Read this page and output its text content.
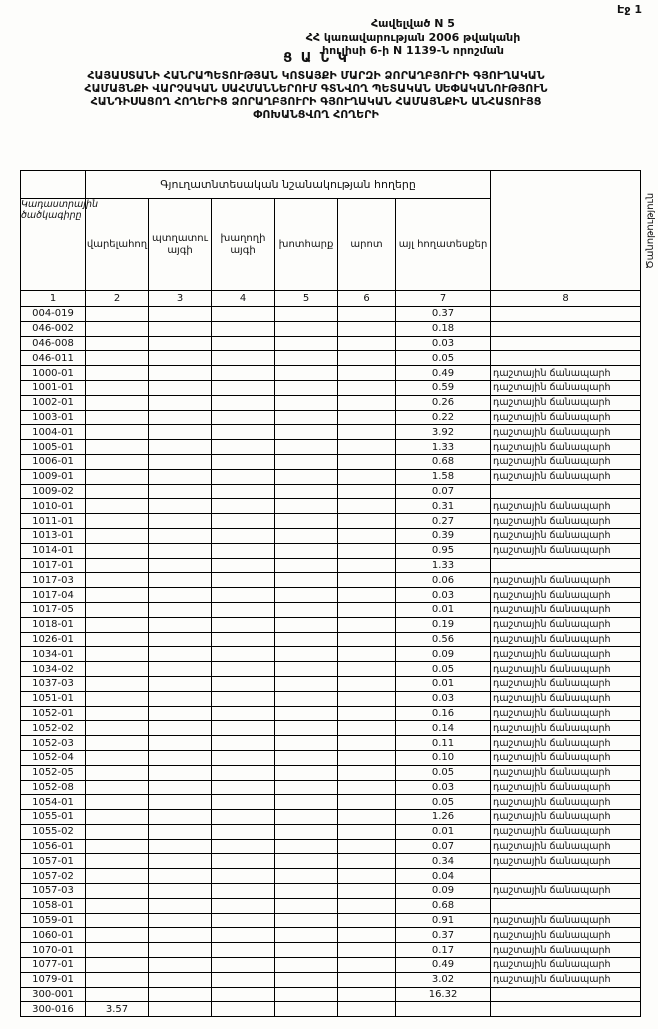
Էջ 1
Հավելված N 5
ՀՀ կառավարության 2006 թվականի
հուլիսի 6-ի N 1139-Ն որոշման
Ց Ա Ն Կ
ՀԱՅԱՍՏԱՆԻ ՀԱՆՐԱՊԵՏՈՒԹՅԱՆ ԿՈՏԱՅՔԻ ՄԱՐԶԻ ՁՈՐԱՂԲՅՈՒՐԻ ԳՅՈՒՂԱԿԱՆ
ՀԱՄԱՅՆՔԻ ՎԱՐՉԱԿԱՆ ՍԱՀՄԱՆՆԵՐՈՒՄ ԳՏՆՎՈՂ ՊԵՏԱԿԱՆ ՍԵՓԱԿԱՆՈՒԹՅՈՒՆ
ՀԱՆԴԻՍԱՑՈՂ ՀՈՂԵՐԻՑ ՁՈՐԱՂԲՅՈՒՐԻ ԳՅՈՒՂԱԿԱՆ ՀԱՄԱՅՆՔԻՆ ԱՆՀԱՏՈՒՅՑ
ՓՈԽԱՆՑՎՈՂ ՀՈՂԵՐԻ
	Գյուղատնտեսական նշանակության հողերը						Ծանոթություն

Կադաստրային ծածկագիրը	վարելահող	պտղատու այգի	խաղողի այգի	խոտհարք	արոտ	այլ հողատեսքեր	
1	2	3	4	5	6	7	8
004-019						0.37	
046-002						0.18	
046-008						0.03	
046-011						0.05	
1000-01						0.49	դաշտային ճանապարհ
1001-01						0.59	դաշտային ճանապարհ
1002-01						0.26	դաշտային ճանապարհ
1003-01						0.22	դաշտային ճանապարհ
1004-01						3.92	դաշտային ճանապարհ
1005-01						1.33	դաշտային ճանապարհ
1006-01						0.68	դաշտային ճանապարհ
1009-01						1.58	դաշտային ճանապարհ
1009-02						0.07	
1010-01						0.31	դաշտային ճանապարհ
1011-01						0.27	դաշտային ճանապարհ
1013-01						0.39	դաշտային ճանապարհ
1014-01						0.95	դաշտային ճանապարհ
1017-01						1.33	
1017-03						0.06	դաշտային ճանապարհ
1017-04						0.03	դաշտային ճանապարհ
1017-05						0.01	դաշտային ճանապարհ
1018-01						0.19	դաշտային ճանապարհ
1026-01						0.56	դաշտային ճանապարհ
1034-01						0.09	դաշտային ճանապարհ
1034-02						0.05	դաշտային ճանապարհ
1037-03						0.01	դաշտային ճանապարհ
1051-01						0.03	դաշտային ճանապարհ
1052-01						0.16	դաշտային ճանապարհ
1052-02						0.14	դաշտային ճանապարհ
1052-03						0.11	դաշտային ճանապարհ
1052-04						0.10	դաշտային ճանապարհ
1052-05						0.05	դաշտային ճանապարհ
1052-08						0.03	դաշտային ճանապարհ
1054-01						0.05	դաշտային ճանապարհ
1055-01						1.26	դաշտային ճանապարհ
1055-02						0.01	դաշտային ճանապարհ
1056-01						0.07	դաշտային ճանապարհ
1057-01						0.34	դաշտային ճանապարհ
1057-02						0.04	
1057-03						0.09	դաշտային ճանապարհ
1058-01						0.68	
1059-01						0.91	դաշտային ճանապարհ
1060-01						0.37	դաշտային ճանապարհ
1070-01						0.17	դաշտային ճանապարհ
1077-01						0.49	դաշտային ճանապարհ
1079-01						3.02	դաշտային ճանապարհ
300-001						16.32	
300-016	3.57						
